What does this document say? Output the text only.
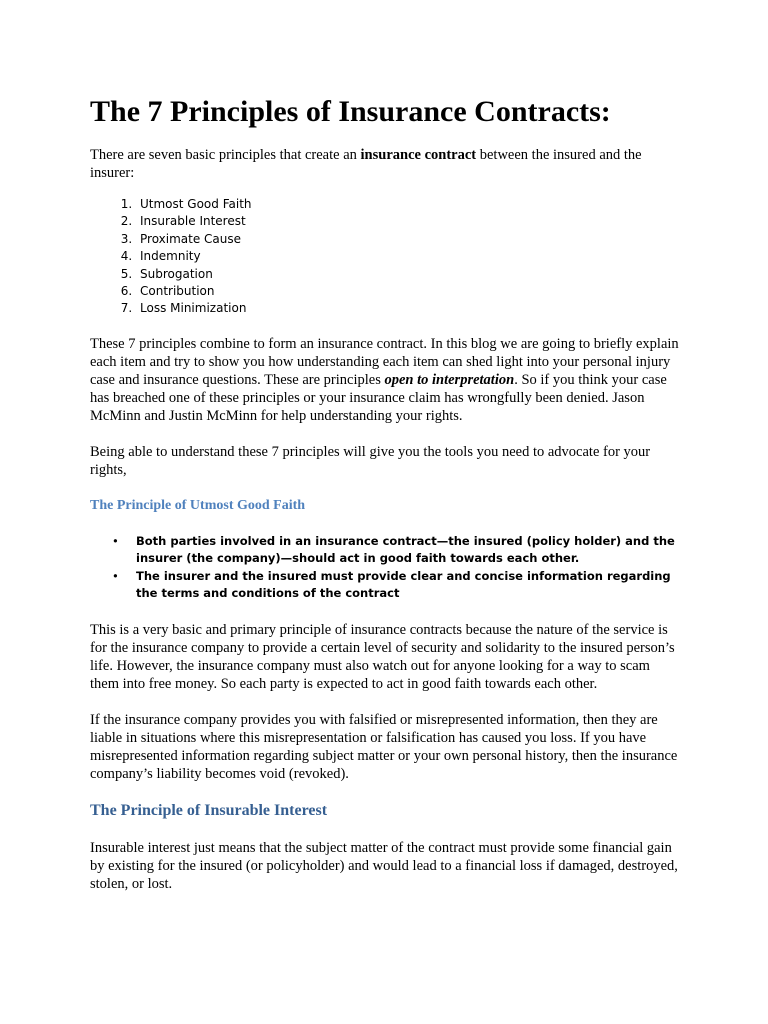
The 7 Principles of Insurance Contracts:

There are seven basic principles that create an insurance contract between the insured and the insurer:

1. Utmost Good Faith
2. Insurable Interest
3. Proximate Cause
4. Indemnity
5. Subrogation
6. Contribution
7. Loss Minimization

These 7 principles combine to form an insurance contract. In this blog we are going to briefly explain each item and try to show you how understanding each item can shed light into your personal injury case and insurance questions. These are principles open to interpretation. So if you think your case has breached one of these principles or your insurance claim has wrongfully been denied. Jason McMinn and Justin McMinn for help understanding your rights.

Being able to understand these 7 principles will give you the tools you need to advocate for your rights,

The Principle of Utmost Good Faith
• Both parties involved in an insurance contract—the insured (policy holder) and the insurer (the company)—should act in good faith towards each other.
• The insurer and the insured must provide clear and concise information regarding the terms and conditions of the contract

This is a very basic and primary principle of insurance contracts because the nature of the service is for the insurance company to provide a certain level of security and solidarity to the insured person’s life. However, the insurance company must also watch out for anyone looking for a way to scam them into free money. So each party is expected to act in good faith towards each other.

If the insurance company provides you with falsified or misrepresented information, then they are liable in situations where this misrepresentation or falsification has caused you loss. If you have misrepresented information regarding subject matter or your own personal history, then the insurance company’s liability becomes void (revoked).

The Principle of Insurable Interest

Insurable interest just means that the subject matter of the contract must provide some financial gain by existing for the insured (or policyholder) and would lead to a financial loss if damaged, destroyed, stolen, or lost.
